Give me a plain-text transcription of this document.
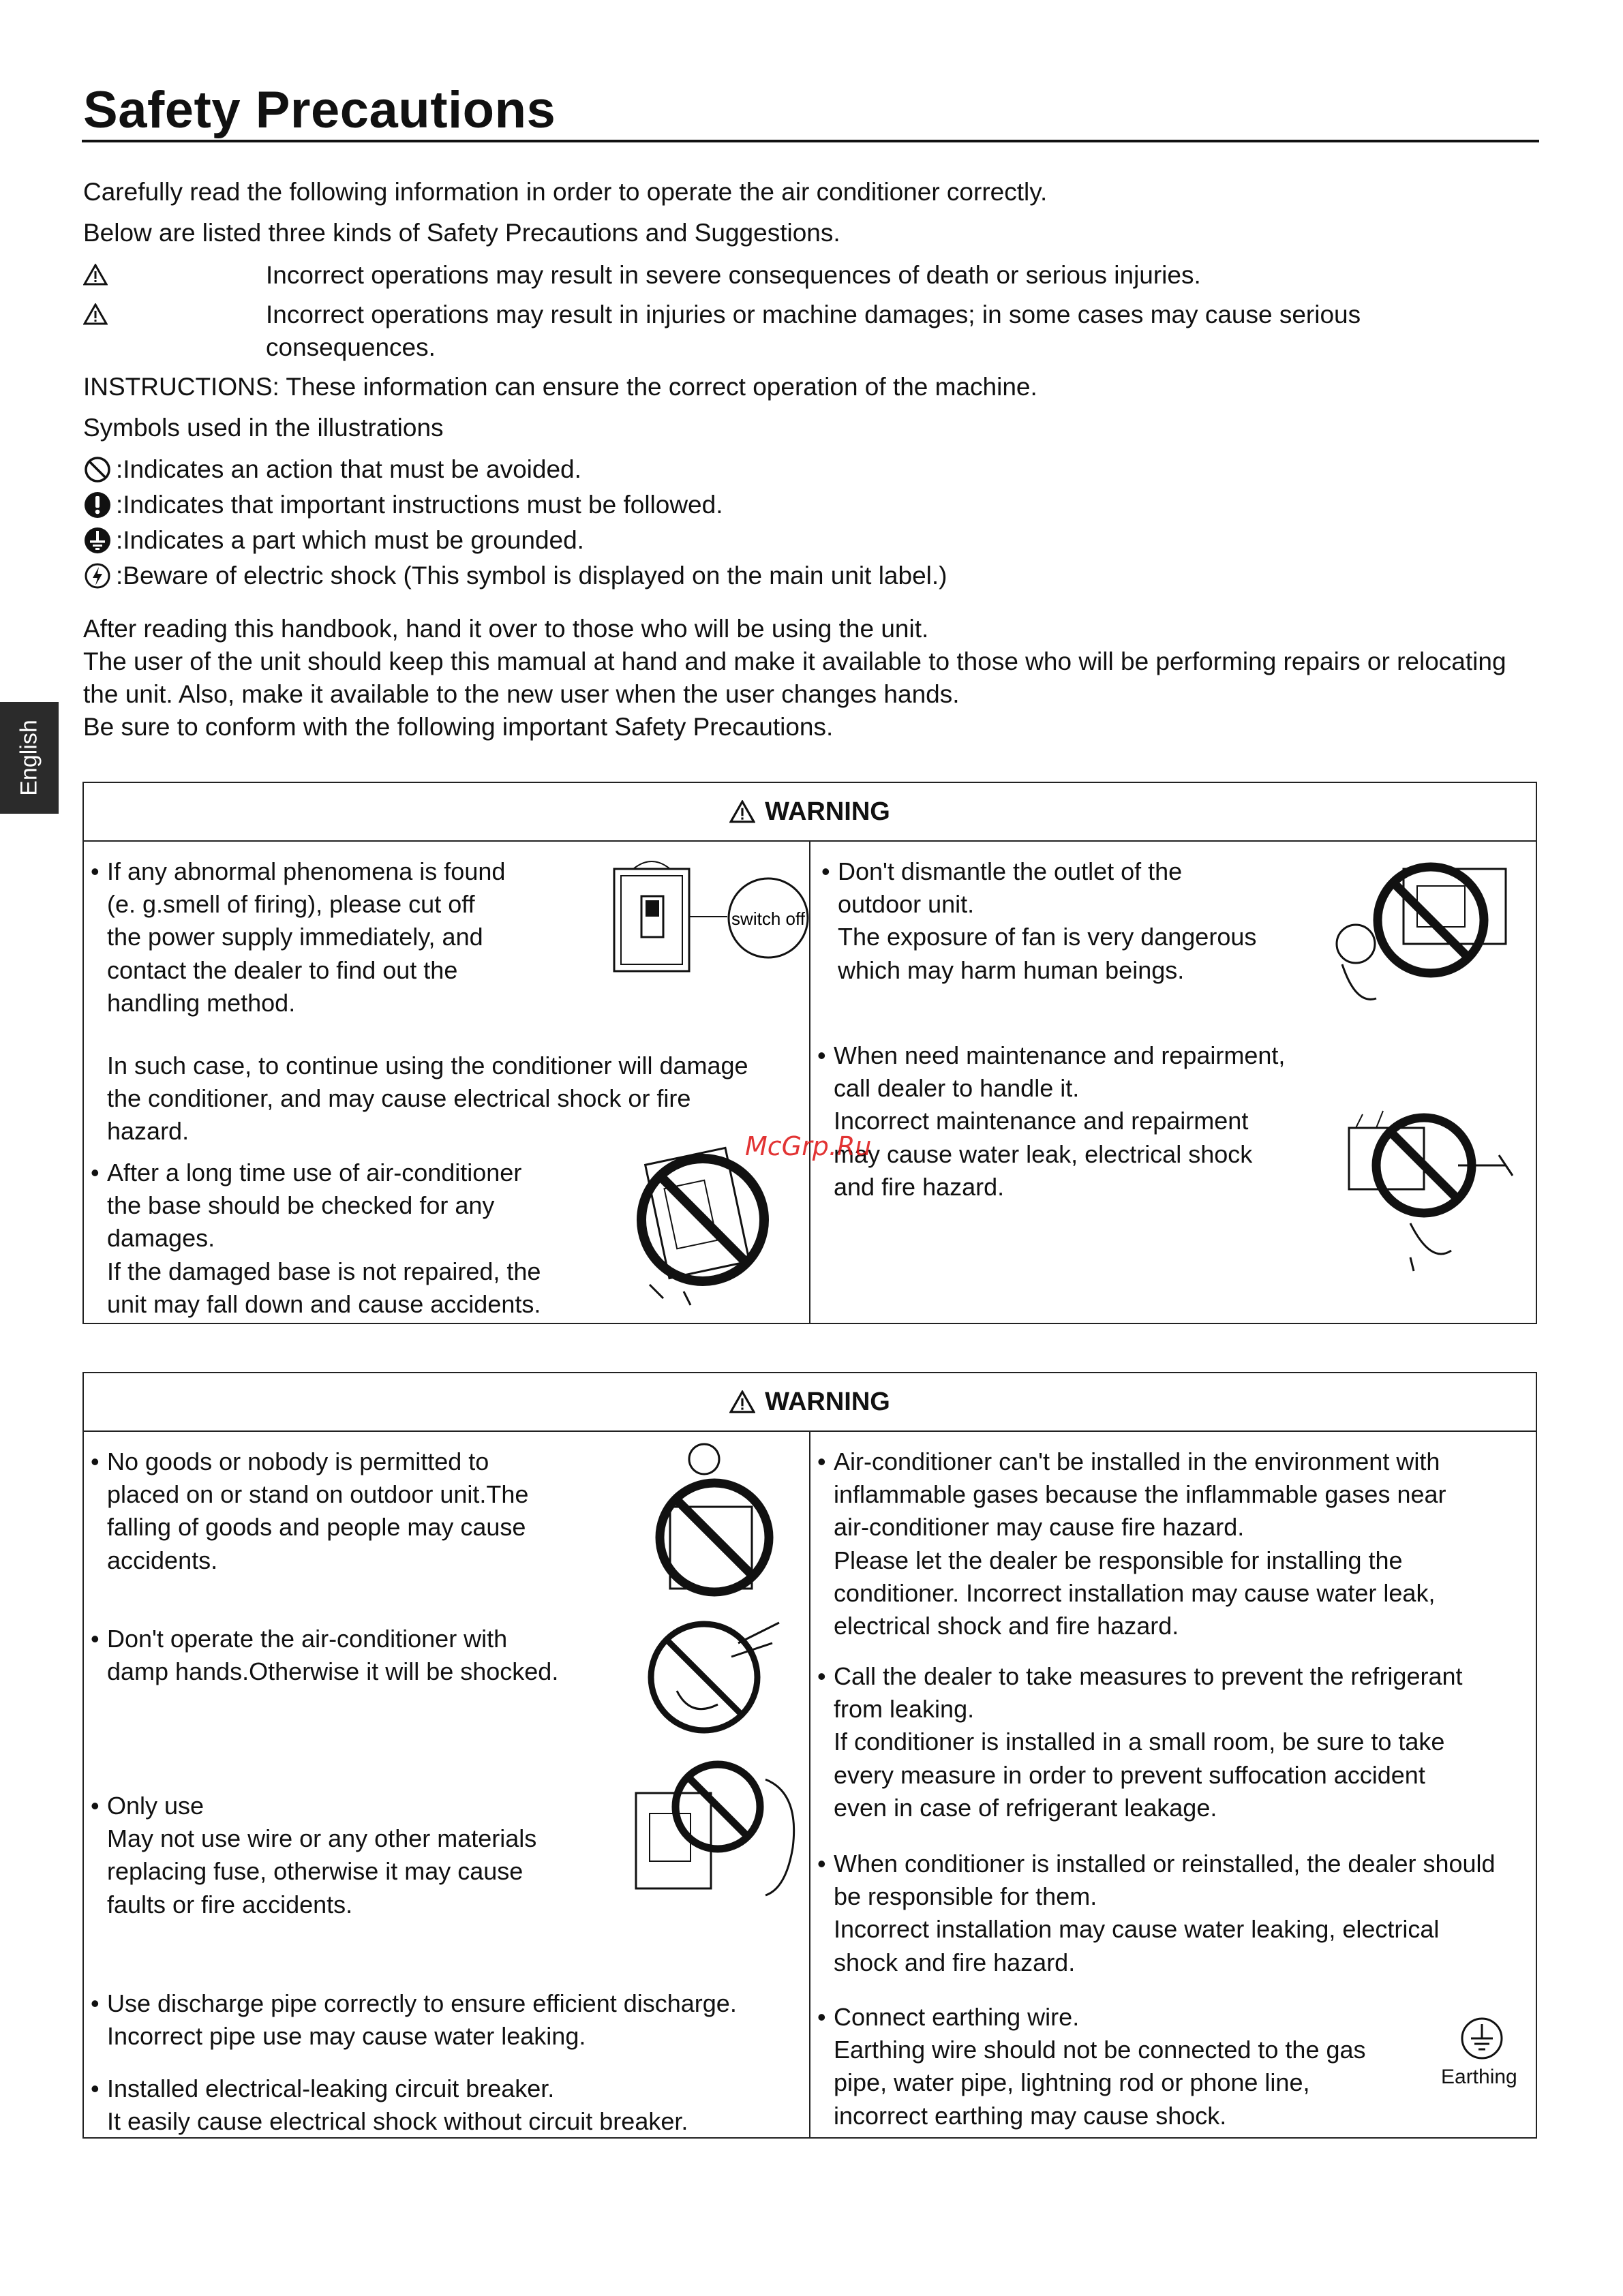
Safety Precautions
English

Carefully read the following information in order to operate the air conditioner correctly.

Below are listed three kinds of Safety Precautions and Suggestions.

Incorrect operations may result in severe consequences of death or serious injuries.
Incorrect operations may result in injuries or machine damages; in some cases may cause serious consequences.

INSTRUCTIONS: These information can ensure the correct operation of the machine.

Symbols used in the illustrations

:Indicates an action that must be avoided.
:Indicates that important instructions must be followed.
:Indicates a part which must be grounded.
:Beware of electric shock (This symbol is displayed on the main unit label.)

After reading this handbook, hand it over to those who will be using the unit.

The user of the unit should keep this mamual at hand and make it available to those who will be performing repairs or relocating the unit. Also, make it available to the new user when the user changes hands.

Be sure to conform with the following important Safety Precautions.

WARNING
• If any abnormal phenomena is found

(e. g.smell of firing), please cut off

the power supply immediately, and

contact the dealer to find out the

handling method.

switch off

In such case, to continue using the conditioner will damage

the conditioner, and may cause electrical shock or fire

hazard.

• After a long time use of air-conditioner

the base should be checked for any

damages.

If the damaged base is not repaired, the

unit may fall down and cause accidents.

• Don't dismantle the outlet of the

outdoor unit.

The exposure of fan is very dangerous

which may harm human beings.

• When need maintenance and repairment,

call dealer to handle it.

Incorrect maintenance and repairment

may cause water leak, electrical shock

and fire hazard.

McGrp.Ru
WARNING
• No goods or nobody is permitted to

placed on or stand on outdoor unit.The

falling of goods and people may cause

accidents.

• Don't operate the air-conditioner with

damp hands.Otherwise it will be shocked.

• Only use

May not use wire or any other materials

replacing fuse, otherwise it may cause

faults or fire accidents.

• Use discharge pipe correctly to ensure efficient discharge.

Incorrect pipe use may cause water leaking.

• Installed electrical-leaking circuit breaker.

It easily cause electrical shock without circuit breaker.

• Air-conditioner can't be installed in the environment with

inflammable gases because the inflammable gases near

air-conditioner may cause fire hazard.

Please let the dealer be responsible for installing the

conditioner. Incorrect installation may cause water leak,

electrical shock and fire hazard.

• Call the dealer to take measures to prevent the refrigerant

from leaking.

If conditioner is installed in a small room, be sure to take

every measure in order to prevent suffocation accident

even in case of refrigerant leakage.

• When conditioner is installed or reinstalled, the dealer should

be responsible for them.

Incorrect installation may cause water leaking, electrical

shock and fire hazard.

• Connect earthing wire.

Earthing wire should not be connected to the gas

pipe, water pipe, lightning rod or phone line,

incorrect earthing may cause shock.

Earthing
